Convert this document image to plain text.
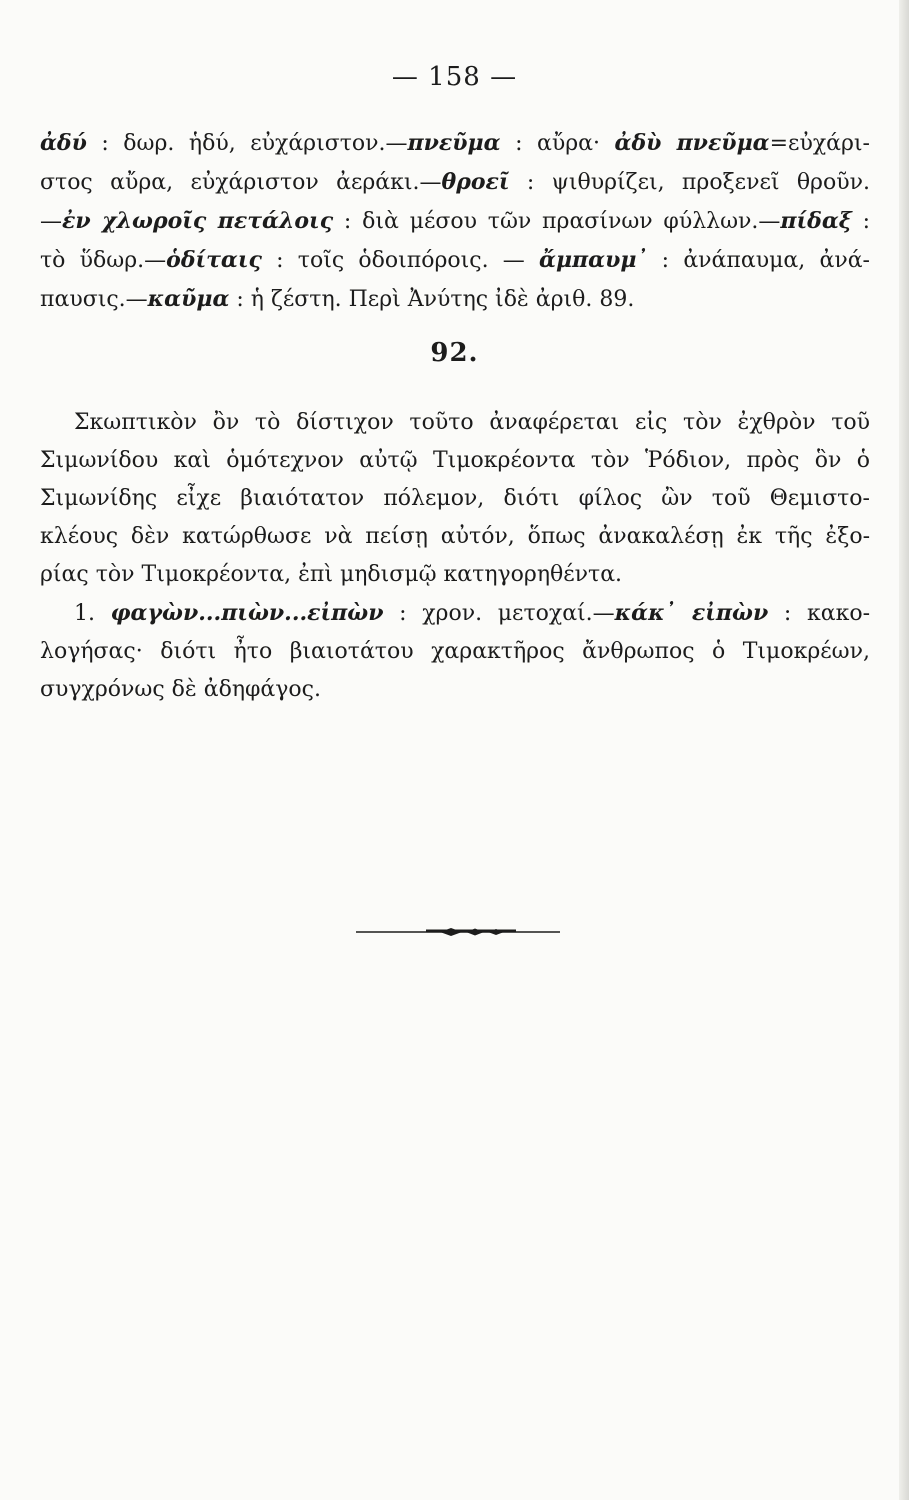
— 158 —
ἀδύ : δωρ. ἡδύ, εὐχάριστον.—πνεῦμα : αὔρα· ἀδὺ πνεῦμα=εὐχάρι-
στος αὔρα, εὐχάριστον ἀεράκι.—θροεῖ : ψιθυρίζει, προξενεῖ θροῦν.
—ἐν χλωροῖς πετάλοις : διὰ μέσου τῶν πρασίνων φύλλων.—πίδαξ :
τὸ ὕδωρ.—ὁδίταις : τοῖς ὁδοιπόροις. — ἄμπαυμ᾽ : ἀνάπαυμα, ἀνά-
παυσις.—καῦμα : ἡ ζέστη. Περὶ Ἀνύτης ἰδὲ ἀριθ. 89.
92.
Σκωπτικὸν ὂν τὸ δίστιχον τοῦτο ἀναφέρεται εἰς τὸν ἐχθρὸν τοῦ
Σιμωνίδου καὶ ὁμότεχνον αὐτῷ Τιμοκρέοντα τὸν Ῥόδιον, πρὸς ὃν ὁ
Σιμωνίδης εἶχε βιαιότατον πόλεμον, διότι φίλος ὢν τοῦ Θεμιστο-
κλέους δὲν κατώρθωσε νὰ πείσῃ αὐτόν, ὅπως ἀνακαλέσῃ ἐκ τῆς ἐξο-
ρίας τὸν Τιμοκρέοντα, ἐπὶ μηδισμῷ κατηγορηθέντα.
1. φαγὼν...πιὼν...εἰπὼν : χρον. μετοχαί.—κάκ᾽ εἰπὼν : κακο-
λογήσας· διότι ἦτο βιαιοτάτου χαρακτῆρος ἄνθρωπος ὁ Τιμοκρέων,
συγχρόνως δὲ ἀδηφάγος.
